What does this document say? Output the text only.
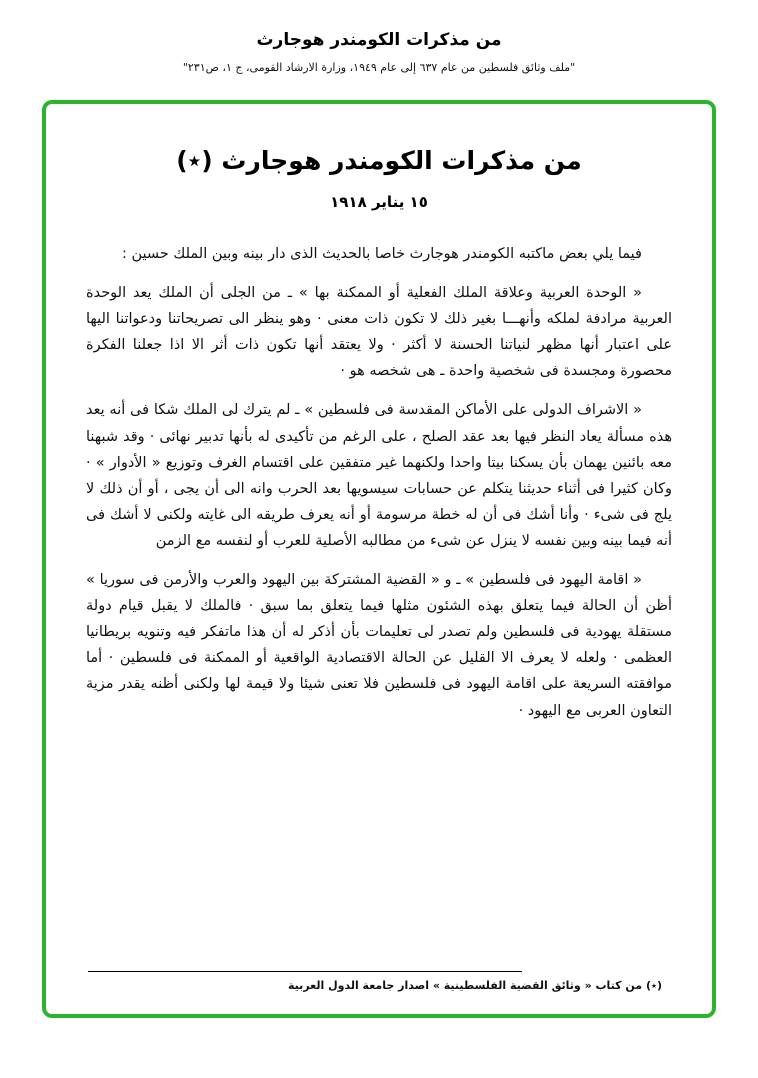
من مذكرات الكومندر هوجارث
"ملف وثائق فلسطين من عام ٦٣٧ إلى عام ١٩٤٩، وزارة الارشاد القومى، ج ١، ص٢٣١"
من مذكرات الكومندر هوجارث (٭)
١٥ يناير ١٩١٨

فيما يلي بعض ماكتبه الكومندر هوجارث خاصا بالحديث الذى دار بينه وبين الملك حسين :

« الوحدة العربية وعلاقة الملك الفعلية أو الممكنة بها » ـ من الجلى أن الملك يعد الوحدة العربية مرادفة لملكه وأنهـــا بغير ذلك لا تكون ذات معنى · وهو ينظر الى تصريحاتنا ودعواتنا اليها على اعتبار أنها مظهر لنياتنا الحسنة لا أكثر · ولا يعتقد أنها تكون ذات أثر الا اذا جعلنا الفكرة محصورة ومجسدة فى شخصية واحدة ـ هى شخصه هو ·

« الاشراف الدولى على الأماكن المقدسة فى فلسطين » ـ لم يترك لى الملك شكا فى أنه يعد هذه مسألة يعاد النظر فيها بعد عقد الصلح ، على الرغم من تأكيدى له بأنها تدبير نهائى · وقد شبهنا معه بائنين يهمان بأن يسكنا بيتا واحدا ولكنهما غير متفقين على اقتسام الغرف وتوزيع « الأدوار » · وكان كثيرا فى أثناء حديثنا يتكلم عن حسابات سيسويها بعد الحرب وانه الى أن يجى ، أو أن ذلك لا يلج فى شىء · وأنا أشك فى أن له خطة مرسومة أو أنه يعرف طريقه الى غايته ولكنى لا أشك فى أنه فيما بينه وبين نفسه لا ينزل عن شىء من مطالبه الأصلية للعرب أو لنفسه مع الزمن

« اقامة اليهود فى فلسطين » ـ و « القضية المشتركة بين اليهود والعرب والأرمن فى سوريا » أظن أن الحالة فيما يتعلق بهذه الشئون مثلها فيما يتعلق بما سبق · فالملك لا يقبل قيام دولة مستقلة يهودية فى فلسطين ولم تصدر لى تعليمات بأن أذكر له أن هذا ماتفكر فيه وتنويه بريطانيا العظمى · ولعله لا يعرف الا القليل عن الحالة الاقتصادية الواقعية أو الممكنة فى فلسطين · أما موافقته السريعة على اقامة اليهود فى فلسطين فلا تعنى شيئا ولا قيمة لها ولكنى أظنه يقدر مزية التعاون العربى مع اليهود ·

(٭) من كتاب « وثائق القضية الفلسطينية » اصدار جامعة الدول العربية
